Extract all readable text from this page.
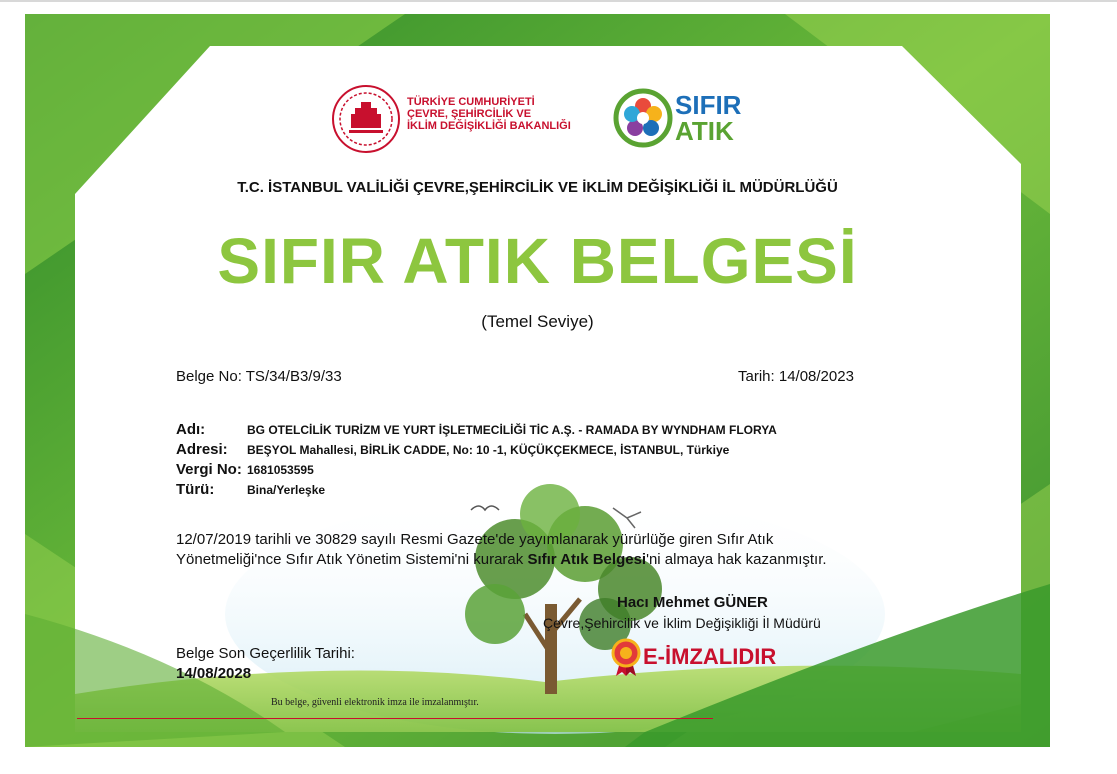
TÜRKİYE CUMHURİYETİ
ÇEVRE, ŞEHİRCİLİK VE
İKLİM DEĞİŞİKLİĞİ BAKANLIĞI
SIFIR
ATIK
T.C. İSTANBUL VALİLİĞİ ÇEVRE,ŞEHİRCİLİK VE İKLİM DEĞİŞİKLİĞİ İL MÜDÜRLÜĞÜ
SIFIR ATIK BELGESİ
(Temel Seviye)
Belge No: TS/34/B3/9/33	Tarih: 14/08/2023
Adı:	BG OTELCİLİK TURİZM VE YURT İŞLETMECİLİĞİ TİC A.Ş. - RAMADA BY WYNDHAM FLORYA
Adresi: BEŞYOL Mahallesi, BİRLİK CADDE, No: 10 -1, KÜÇÜKÇEKMECE, İSTANBUL, Türkiye
Vergi No: 1681053595
Türü:	Bina/Yerleşke
12/07/2019 tarihli ve 30829 sayılı Resmi Gazete'de yayımlanarak yürürlüğe giren Sıfır Atık
Yönetmeliği'nce Sıfır Atık Yönetim Sistemi'ni kurarak Sıfır Atık Belgesi'ni almaya hak kazanmıştır.
Hacı Mehmet GÜNER
Çevre,Şehircilik ve İklim Değişikliği İl Müdürü
E-İMZALIDIR
Belge Son Geçerlilik Tarihi:
14/08/2028
Bu belge, güvenli elektronik imza ile imzalanmıştır.
